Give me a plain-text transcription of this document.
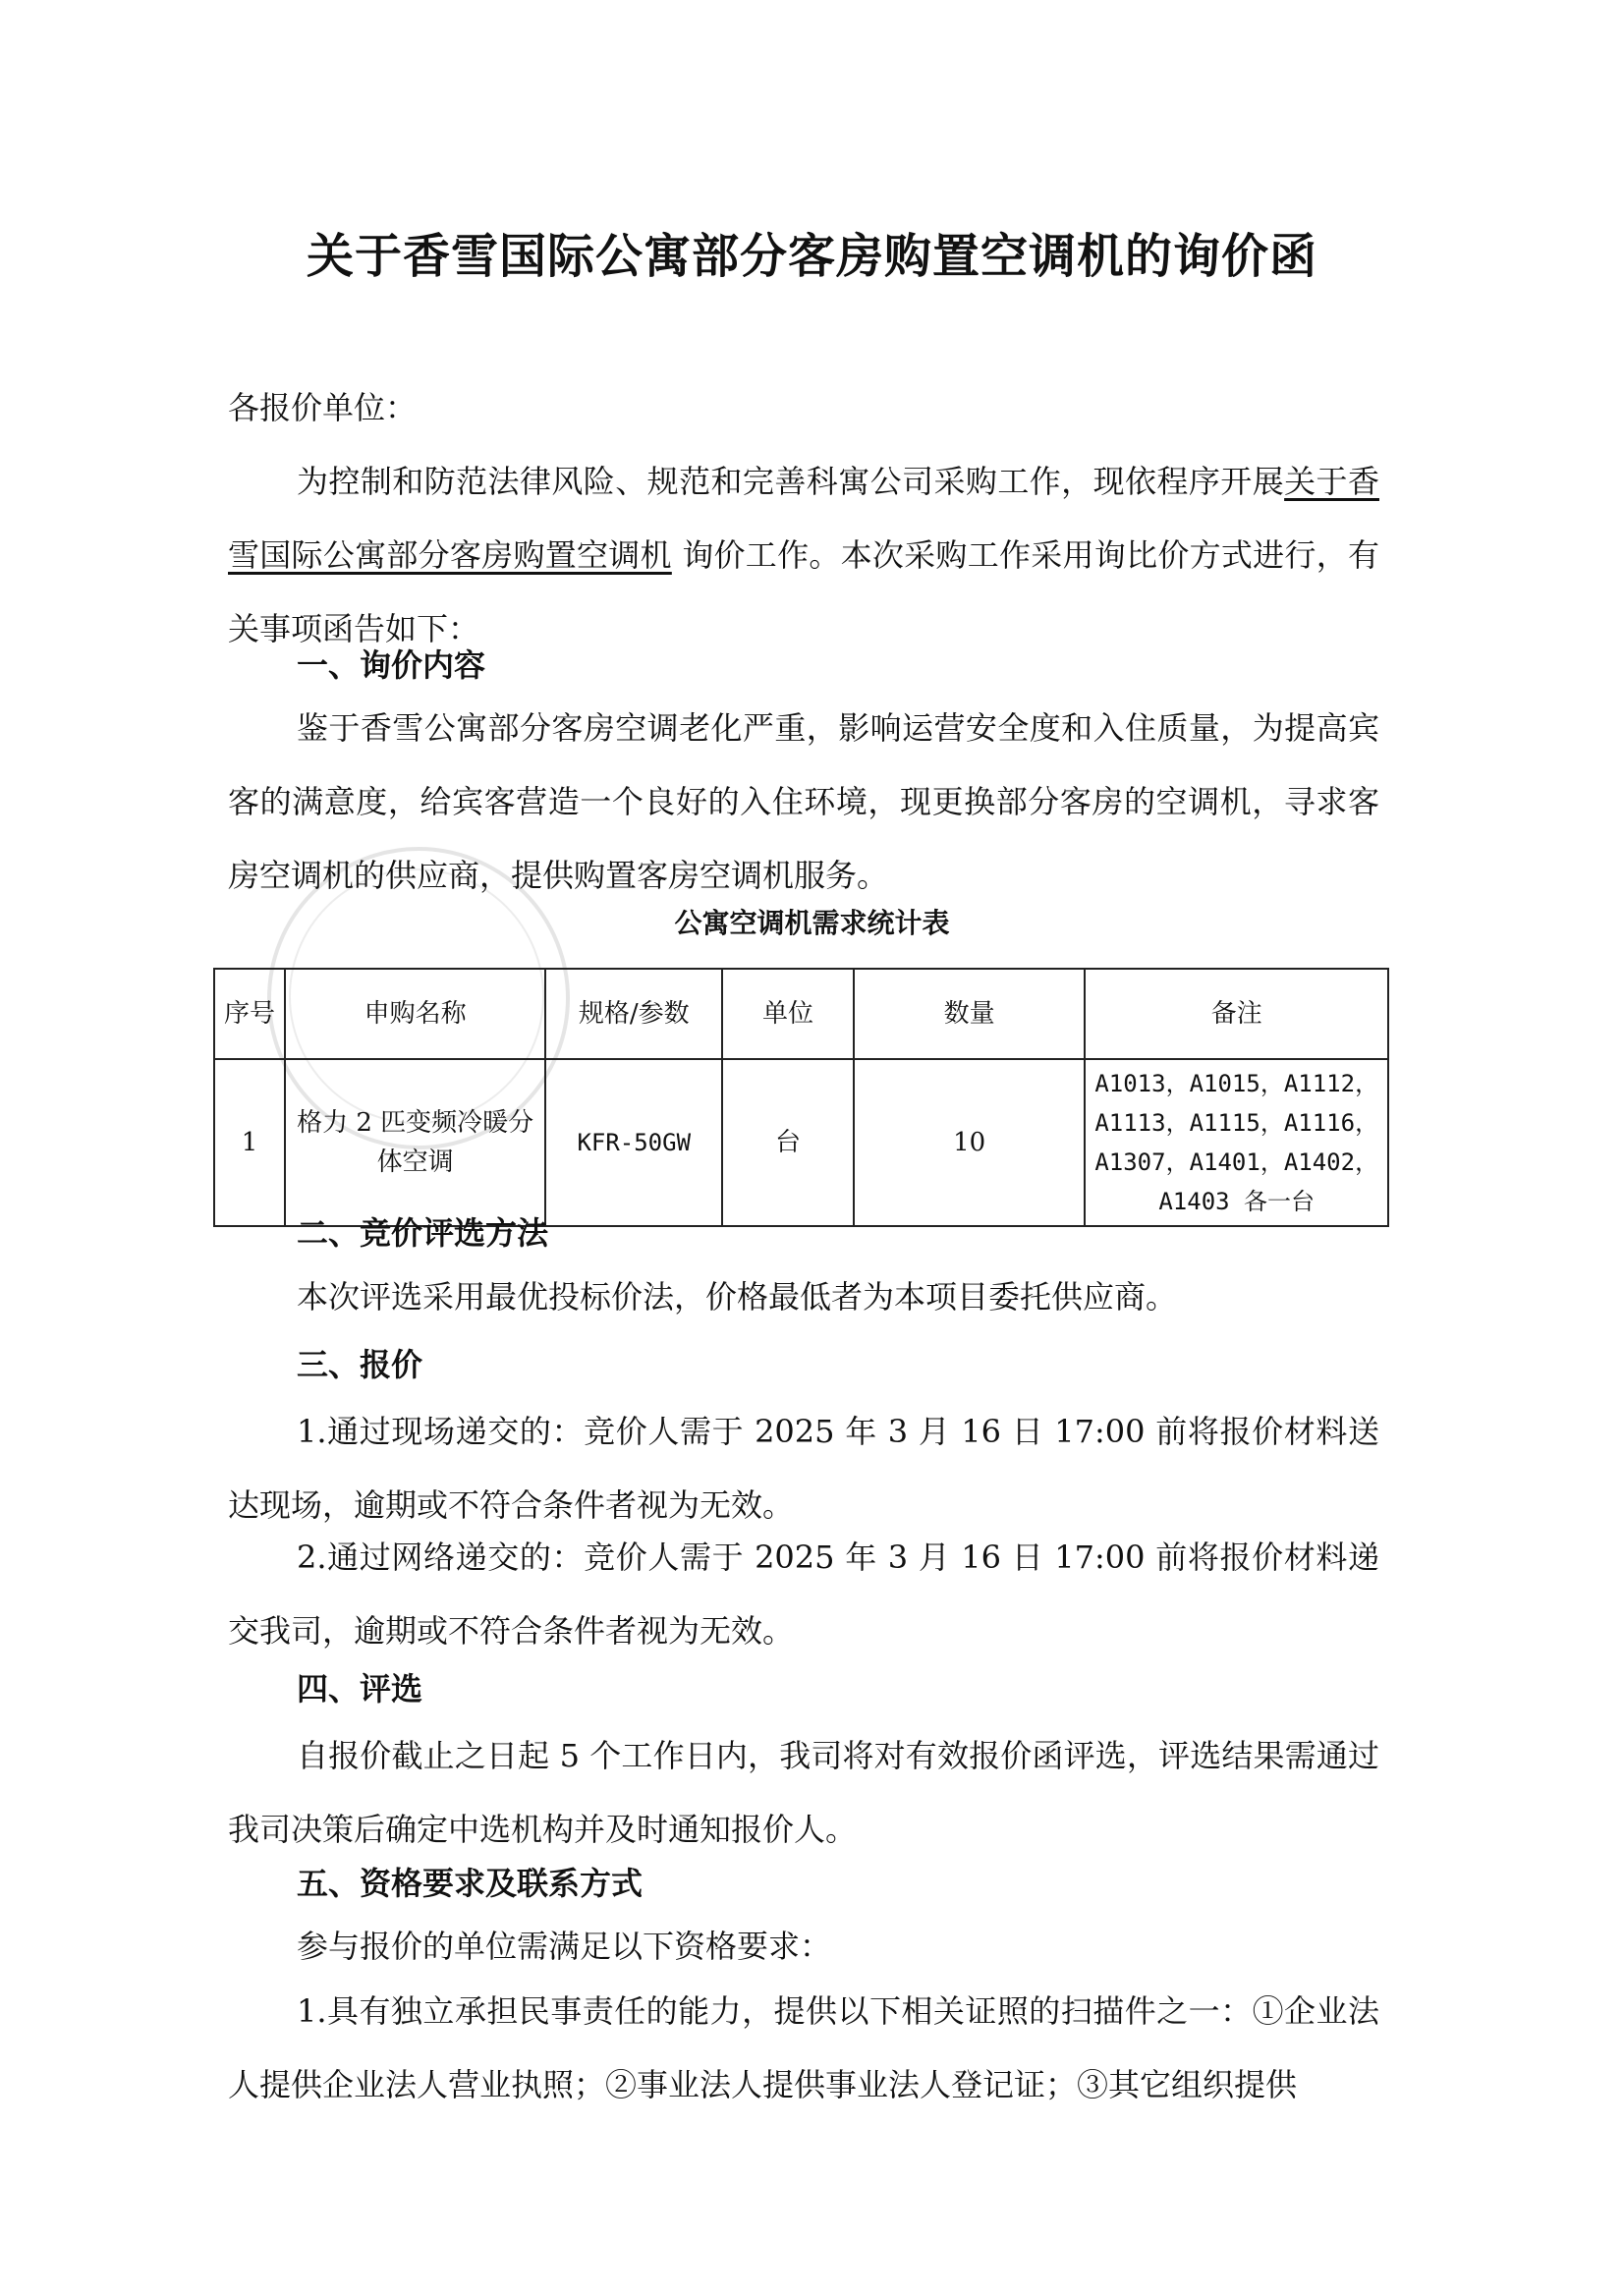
关于香雪国际公寓部分客房购置空调机的询价函

各报价单位：

为控制和防范法律风险、规范和完善科寓公司采购工作，现依程序开展关于香雪国际公寓部分客房购置空调机 询价工作。本次采购工作采用询比价方式进行，有关事项函告如下：

一、询价内容

鉴于香雪公寓部分客房空调老化严重，影响运营安全度和入住质量，为提高宾客的满意度，给宾客营造一个良好的入住环境，现更换部分客房的空调机，寻求客房空调机的供应商，提供购置客房空调机服务。

公寓空调机需求统计表
序号	申购名称	规格/参数	单位	数量	备注
1	格力 2 匹变频冷暖分体空调	KFR-50GW	台	10	A1013，A1015，A1112，A1113，A1115，A1116，A1307，A1401，A1402，A1403 各一台
二、竞价评选方法

本次评选采用最优投标价法，价格最低者为本项目委托供应商。

三、报价

1.通过现场递交的：竞价人需于 2025 年 3 月 16 日 17:00 前将报价材料送达现场，逾期或不符合条件者视为无效。

2.通过网络递交的：竞价人需于 2025 年 3 月 16 日 17:00 前将报价材料递交我司，逾期或不符合条件者视为无效。

四、评选

自报价截止之日起 5 个工作日内，我司将对有效报价函评选，评选结果需通过我司决策后确定中选机构并及时通知报价人。

五、资格要求及联系方式

参与报价的单位需满足以下资格要求：

1.具有独立承担民事责任的能力，提供以下相关证照的扫描件之一：①企业法人提供企业法人营业执照；②事业法人提供事业法人登记证；③其它组织提供
